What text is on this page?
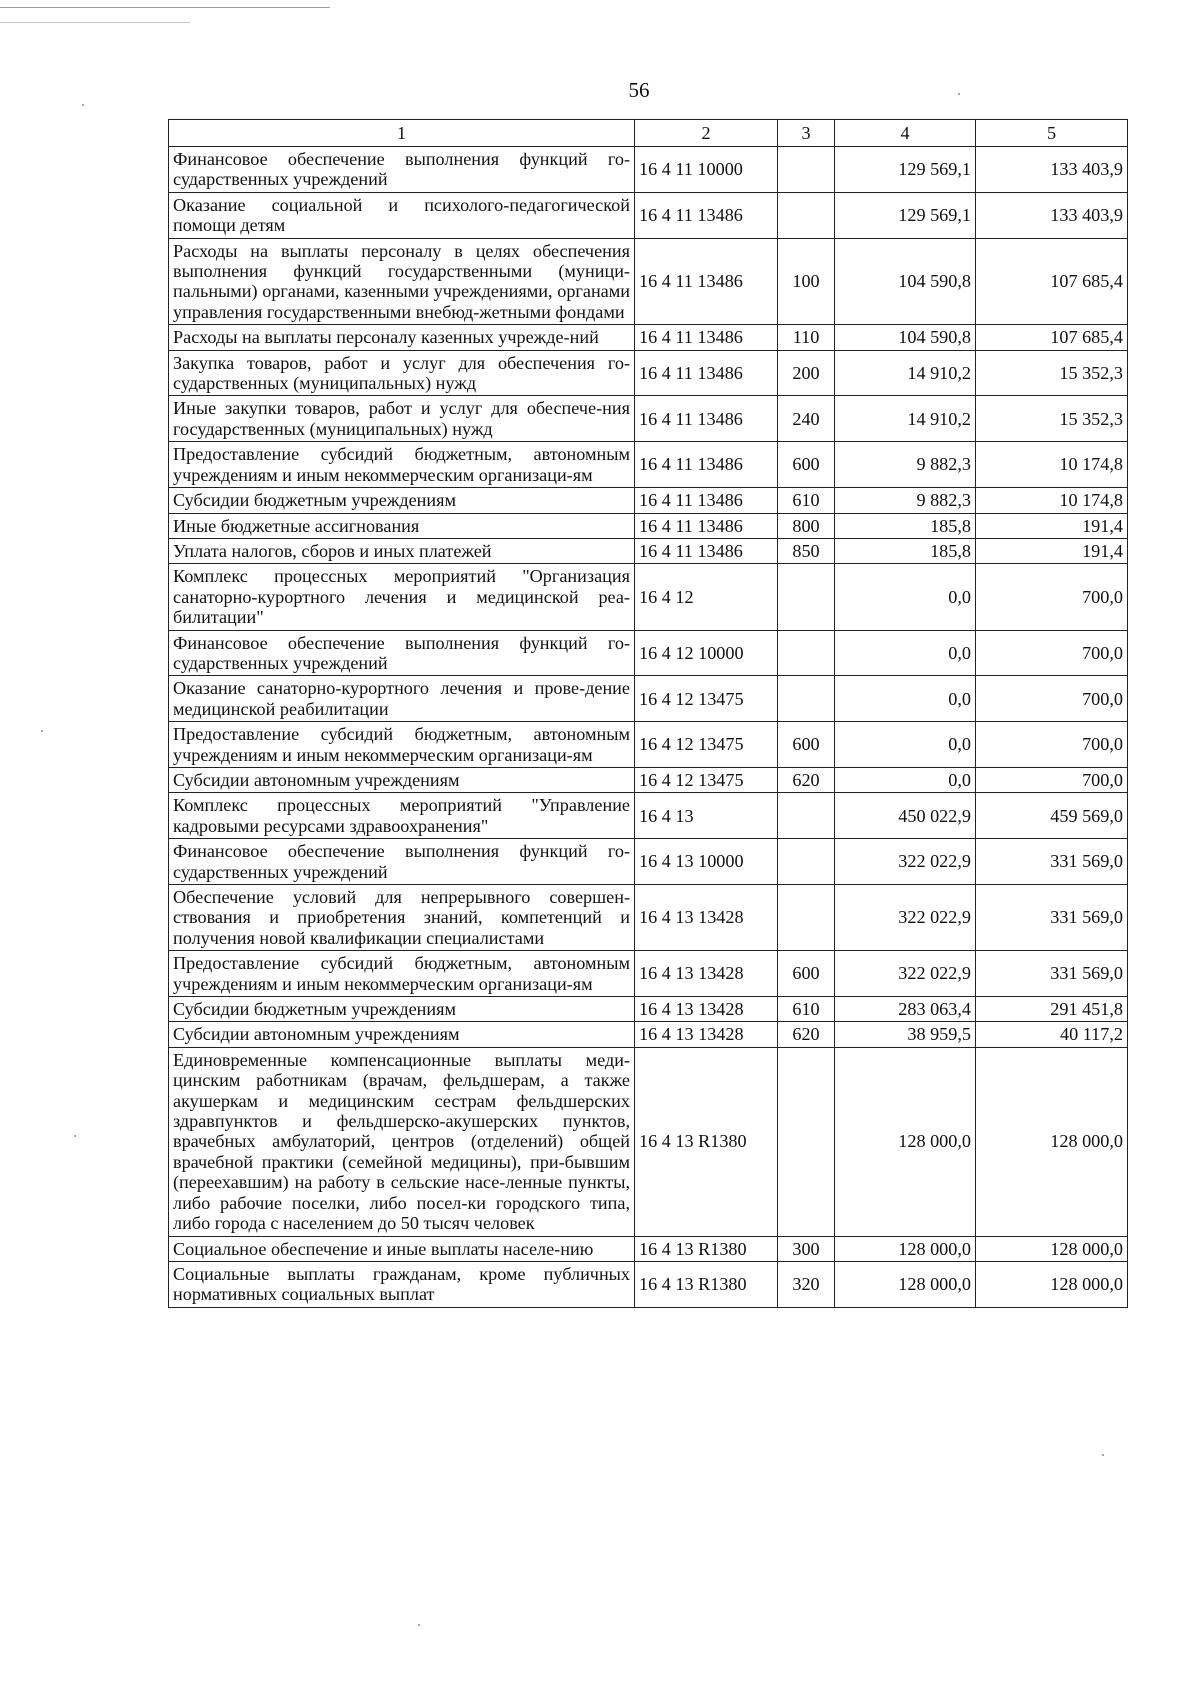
56
1	2	3	4	5
Финансовое обеспечение выполнения функций го-сударственных учреждений	16 4 11 10000		129 569,1	133 403,9
Оказание социальной и психолого-педагогической помощи детям	16 4 11 13486		129 569,1	133 403,9
Расходы на выплаты персоналу в целях обеспечения выполнения функций государственными (муници-пальными) органами, казенными учреждениями, органами управления государственными внебюд-жетными фондами	16 4 11 13486	100	104 590,8	107 685,4
Расходы на выплаты персоналу казенных учрежде-ний	16 4 11 13486	110	104 590,8	107 685,4
Закупка товаров, работ и услуг для обеспечения го-сударственных (муниципальных) нужд	16 4 11 13486	200	14 910,2	15 352,3
Иные закупки товаров, работ и услуг для обеспече-ния государственных (муниципальных) нужд	16 4 11 13486	240	14 910,2	15 352,3
Предоставление субсидий бюджетным, автономным учреждениям и иным некоммерческим организаци-ям	16 4 11 13486	600	9 882,3	10 174,8
Субсидии бюджетным учреждениям	16 4 11 13486	610	9 882,3	10 174,8
Иные бюджетные ассигнования	16 4 11 13486	800	185,8	191,4
Уплата налогов, сборов и иных платежей	16 4 11 13486	850	185,8	191,4
Комплекс процессных мероприятий "Организация санаторно-курортного лечения и медицинской реа-билитации"	16 4 12		0,0	700,0
Финансовое обеспечение выполнения функций го-сударственных учреждений	16 4 12 10000		0,0	700,0
Оказание санаторно-курортного лечения и прове-дение медицинской реабилитации	16 4 12 13475		0,0	700,0
Предоставление субсидий бюджетным, автономным учреждениям и иным некоммерческим организаци-ям	16 4 12 13475	600	0,0	700,0
Субсидии автономным учреждениям	16 4 12 13475	620	0,0	700,0
Комплекс процессных мероприятий "Управление кадровыми ресурсами здравоохранения"	16 4 13		450 022,9	459 569,0
Финансовое обеспечение выполнения функций го-сударственных учреждений	16 4 13 10000		322 022,9	331 569,0
Обеспечение условий для непрерывного совершен-ствования и приобретения знаний, компетенций и получения новой квалификации специалистами	16 4 13 13428		322 022,9	331 569,0
Предоставление субсидий бюджетным, автономным учреждениям и иным некоммерческим организаци-ям	16 4 13 13428	600	322 022,9	331 569,0
Субсидии бюджетным учреждениям	16 4 13 13428	610	283 063,4	291 451,8
Субсидии автономным учреждениям	16 4 13 13428	620	38 959,5	40 117,2
Единовременные компенсационные выплаты меди-цинским работникам (врачам, фельдшерам, а также акушеркам и медицинским сестрам фельдшерских здравпунктов и фельдшерско-акушерских пунктов, врачебных амбулаторий, центров (отделений) общей врачебной практики (семейной медицины), при-бывшим (переехавшим) на работу в сельские насе-ленные пункты, либо рабочие поселки, либо посел-ки городского типа, либо города с населением до 50 тысяч человек	16 4 13 R1380		128 000,0	128 000,0
Социальное обеспечение и иные выплаты населе-нию	16 4 13 R1380	300	128 000,0	128 000,0
Социальные выплаты гражданам, кроме публичных нормативных социальных выплат	16 4 13 R1380	320	128 000,0	128 000,0
